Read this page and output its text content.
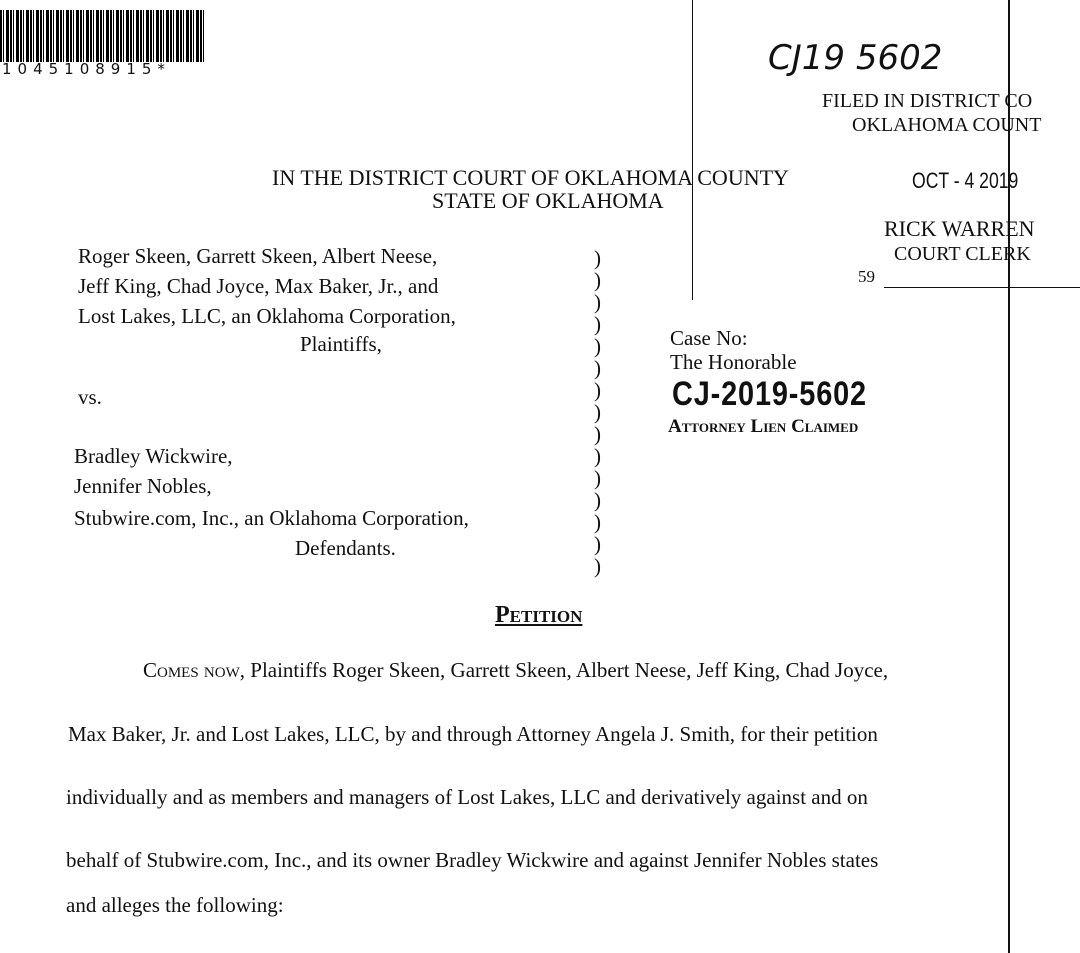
1045108915*	CJ19 5602
FILED IN DISTRICT CO
OKLAHOMA COUNT
OCT - 4 2019
RICK WARREN
COURT CLERK
59
IN THE DISTRICT COURT OF OKLAHOMA COUNTY
STATE OF OKLAHOMA
Roger Skeen, Garrett Skeen, Albert Neese,
Jeff King, Chad Joyce, Max Baker, Jr., and
Lost Lakes, LLC, an Oklahoma Corporation,
Plaintiffs,
vs.
Bradley Wickwire,
Jennifer Nobles,
Stubwire.com, Inc., an Oklahoma Corporation,
Defendants.
)
)
)
)
)
)
)
)
)
)
)
)
)
)
)
Case No:
The Honorable
CJ-2019-5602
Attorney Lien Claimed
Petition
Comes now, Plaintiffs Roger Skeen, Garrett Skeen, Albert Neese, Jeff King, Chad Joyce,
Max Baker, Jr. and Lost Lakes, LLC, by and through Attorney Angela J. Smith, for their petition
individually and as members and managers of Lost Lakes, LLC and derivatively against and on
behalf of Stubwire.com, Inc., and its owner Bradley Wickwire and against Jennifer Nobles states
and alleges the following:
